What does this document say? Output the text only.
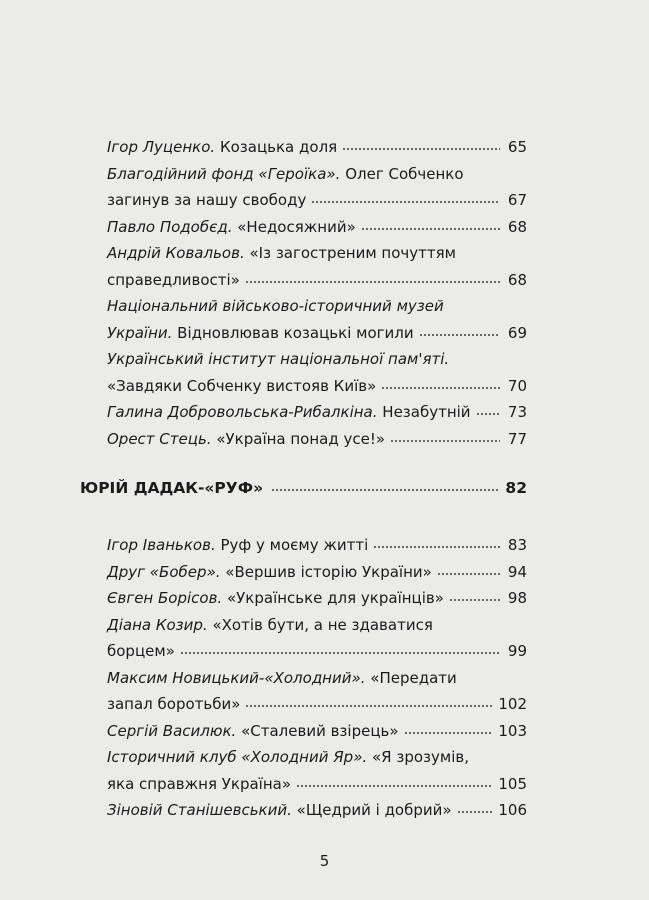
Ігор Луценко. Козацька доля	65
Благодійний фонд «Героїка». Олег Собченко
загинув за нашу свободу	67
Павло Подобєд. «Недосяжний»	68
Андрій Ковальов. «Із загостреним почуттям
справедливості»	68
Національний військово-історичний музей
України. Відновлював козацькі могили	69
Український інститут національної пам'яті.
«Завдяки Собченку вистояв Київ»	70
Галина Добровольська-Рибалкіна. Незабутній 73
Орест Стець. «Україна понад усе!»	77
ЮРІЙ ДАДАК-«РУФ»	82
Ігор Іваньков. Руф у моєму житті	83
Друг «Бобер». «Вершив історію України»	94
Євген Борісов. «Українське для українців»	98
Діана Козир. «Хотів бути, а не здаватися
борцем»	99
Максим Новицький-«Холодний». «Передати
запал боротьби»	102
Сергій Василюк. «Сталевий взірець»	103
Історичний клуб «Холодний Яр». «Я зрозумів,
яка справжня Україна»	105
Зіновій Станішевський. «Щедрий і добрий»	106
5
